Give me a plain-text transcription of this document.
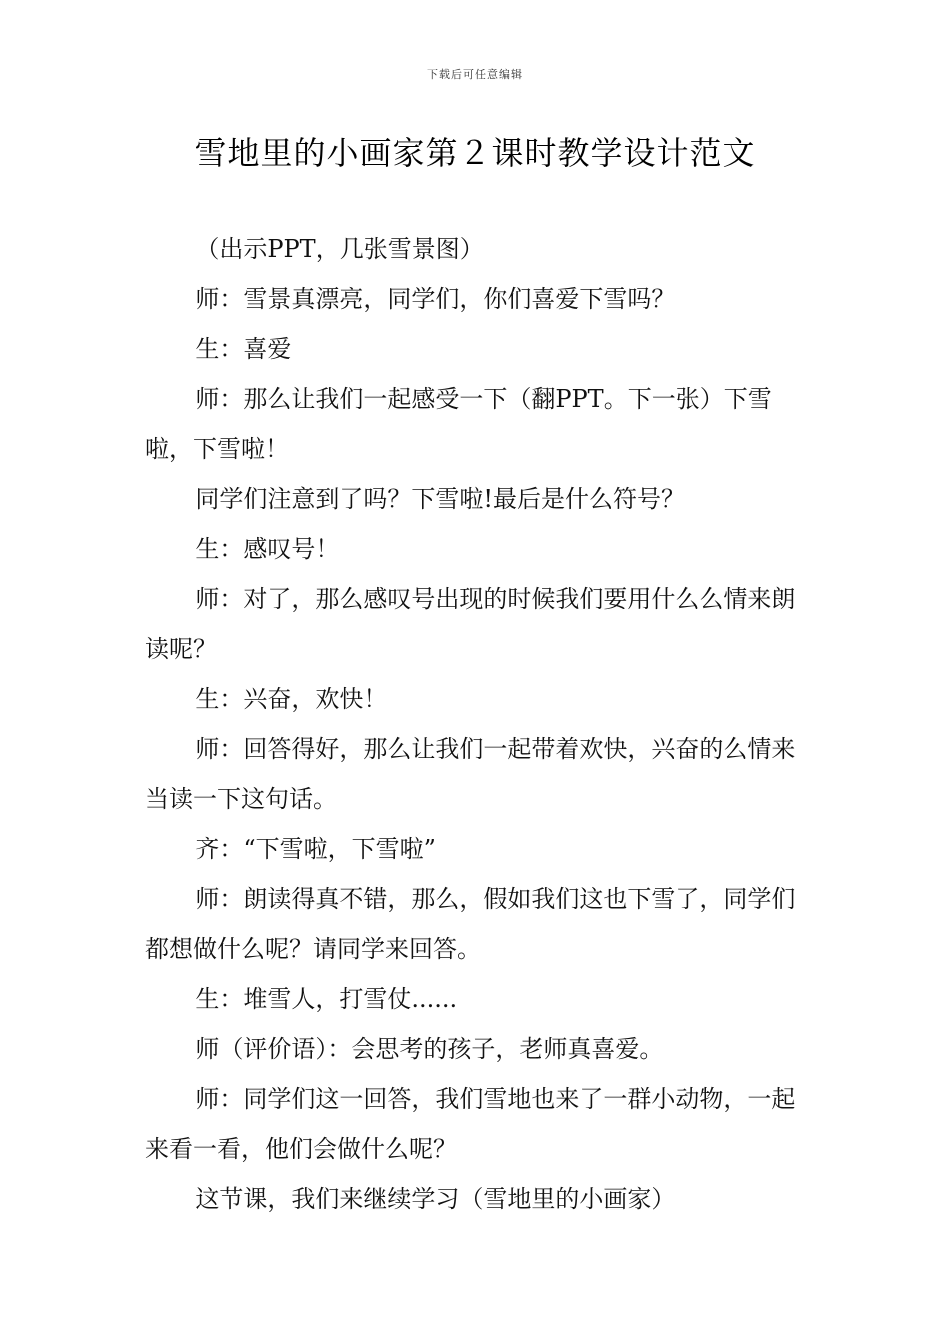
下载后可任意编辑
雪地里的小画家第２课时教学设计范文

（出示PPT，几张雪景图）

师：雪景真漂亮，同学们，你们喜爱下雪吗？

生：喜爱

师：那么让我们一起感受一下（翻PPT。下一张）下雪啦，下雪啦！

同学们注意到了吗？下雪啦!最后是什么符号？

生：感叹号！

师：对了，那么感叹号出现的时候我们要用什么么情来朗读呢？

生：兴奋，欢快！

师：回答得好，那么让我们一起带着欢快，兴奋的么情来当读一下这句话。

齐：“下雪啦，下雪啦”

师：朗读得真不错，那么，假如我们这也下雪了，同学们都想做什么呢？请同学来回答。

生：堆雪人，打雪仗......

师（评价语）：会思考的孩子，老师真喜爱。

师：同学们这一回答，我们雪地也来了一群小动物，一起来看一看，他们会做什么呢？

这节课，我们来继续学习（雪地里的小画家）
